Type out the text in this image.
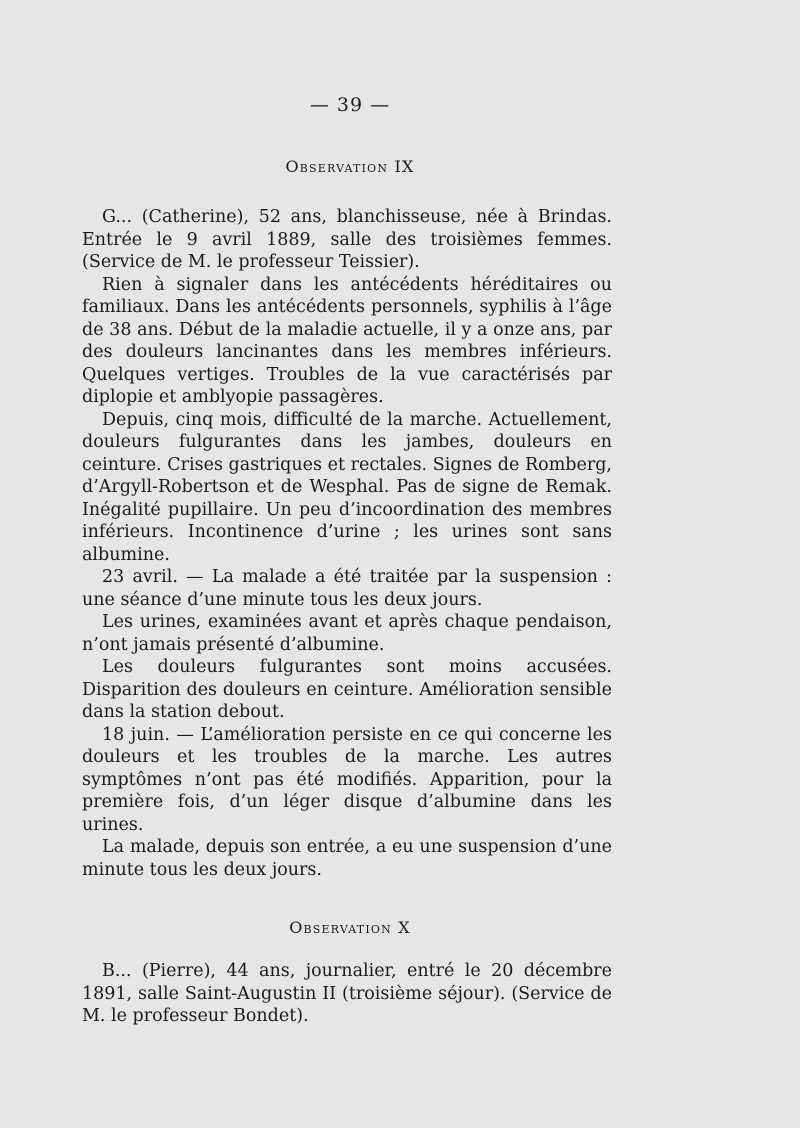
— 39 —
Observation IX

G... (Catherine), 52 ans, blanchisseuse, née à Brindas. Entrée le 9 avril 1889, salle des troisièmes femmes. (Service de M. le professeur Teissier).

Rien à signaler dans les antécédents héréditaires ou familiaux. Dans les antécédents personnels, syphilis à l’âge de 38 ans. Début de la maladie actuelle, il y a onze ans, par des douleurs lancinantes dans les membres inférieurs. Quelques vertiges. Troubles de la vue caractérisés par diplopie et amblyopie passagères.

Depuis, cinq mois, difficulté de la marche. Actuellement, douleurs fulgurantes dans les jambes, douleurs en ceinture. Crises gastriques et rectales. Signes de Romberg, d’Argyll-Robertson et de Wesphal. Pas de signe de Remak. Inégalité pupillaire. Un peu d’incoordination des membres inférieurs. Incontinence d’urine ; les urines sont sans albumine.

23 avril. — La malade a été traitée par la suspension : une séance d’une minute tous les deux jours.

Les urines, examinées avant et après chaque pendaison, n’ont jamais présenté d’albumine.

Les douleurs fulgurantes sont moins accusées. Disparition des douleurs en ceinture. Amélioration sensible dans la station debout.

18 juin. — L’amélioration persiste en ce qui concerne les douleurs et les troubles de la marche. Les autres symptômes n’ont pas été modifiés. Apparition, pour la première fois, d’un léger disque d’albumine dans les urines.

La malade, depuis son entrée, a eu une suspension d’une minute tous les deux jours.

Observation X

B... (Pierre), 44 ans, journalier, entré le 20 décembre 1891, salle Saint-Augustin II (troisième séjour). (Service de M. le professeur Bondet).
